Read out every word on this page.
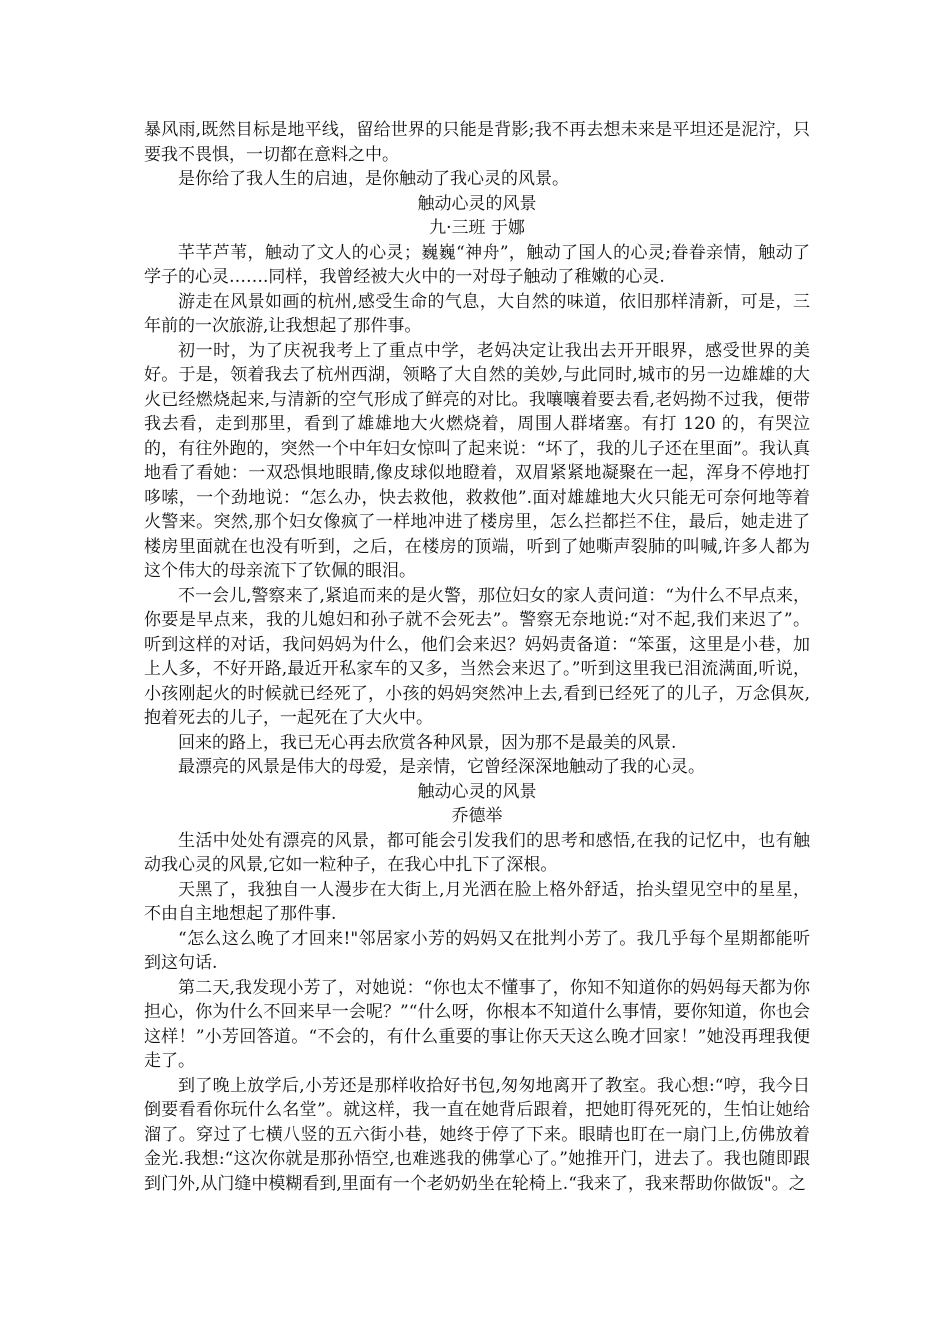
暴风雨,既然目标是地平线，留给世界的只能是背影;我不再去想未来是平坦还是泥泞，只要我不畏惧，一切都在意料之中。

是你给了我人生的启迪，是你触动了我心灵的风景。

触动心灵的风景

九·三班 于娜

芊芊芦苇，触动了文人的心灵；巍巍“神舟”，触动了国人的心灵;眷眷亲情，触动了学子的心灵…….同样，我曾经被大火中的一对母子触动了稚嫩的心灵.

游走在风景如画的杭州,感受生命的气息，大自然的味道，依旧那样清新，可是，三年前的一次旅游,让我想起了那件事。

初一时，为了庆祝我考上了重点中学，老妈决定让我出去开开眼界，感受世界的美好。于是，领着我去了杭州西湖，领略了大自然的美妙,与此同时,城市的另一边雄雄的大火已经燃烧起来,与清新的空气形成了鲜亮的对比。我嚷嚷着要去看,老妈拗不过我，便带我去看，走到那里，看到了雄雄地大火燃烧着，周围人群堵塞。有打 120 的，有哭泣的，有往外跑的，突然一个中年妇女惊叫了起来说：“坏了，我的儿子还在里面”。我认真地看了看她：一双恐惧地眼睛,像皮球似地瞪着，双眉紧紧地凝聚在一起，浑身不停地打哆嗦，一个劲地说：“怎么办，快去救他，救救他”.面对雄雄地大火只能无可奈何地等着火警来。突然,那个妇女像疯了一样地冲进了楼房里，怎么拦都拦不住，最后，她走进了楼房里面就在也没有听到，之后，在楼房的顶端，听到了她嘶声裂肺的叫喊,许多人都为这个伟大的母亲流下了钦佩的眼泪。

不一会儿,警察来了,紧追而来的是火警，那位妇女的家人责问道：“为什么不早点来，你要是早点来，我的儿媳妇和孙子就不会死去”。警察无奈地说:“对不起,我们来迟了”。听到这样的对话，我问妈妈为什么，他们会来迟？妈妈责备道：“笨蛋，这里是小巷，加上人多，不好开路,最近开私家车的又多，当然会来迟了。”听到这里我已泪流满面,听说，小孩刚起火的时候就已经死了，小孩的妈妈突然冲上去,看到已经死了的儿子，万念俱灰,抱着死去的儿子，一起死在了大火中。

回来的路上，我已无心再去欣赏各种风景，因为那不是最美的风景.

最漂亮的风景是伟大的母爱，是亲情，它曾经深深地触动了我的心灵。

触动心灵的风景

乔德举

生活中处处有漂亮的风景，都可能会引发我们的思考和感悟,在我的记忆中，也有触动我心灵的风景,它如一粒种子，在我心中扎下了深根。

天黑了，我独自一人漫步在大街上,月光洒在脸上格外舒适，抬头望见空中的星星，不由自主地想起了那件事.

“怎么这么晚了才回来!"邻居家小芳的妈妈又在批判小芳了。我几乎每个星期都能听到这句话.

第二天,我发现小芳了，对她说：“你也太不懂事了，你知不知道你的妈妈每天都为你担心，你为什么不回来早一会呢？”“什么呀，你根本不知道什么事情，要你知道，你也会这样！”小芳回答道。“不会的，有什么重要的事让你天天这么晚才回家！”她没再理我便走了。

到了晚上放学后,小芳还是那样收拾好书包,匆匆地离开了教室。我心想:“哼，我今日倒要看看你玩什么名堂”。就这样，我一直在她背后跟着，把她盯得死死的，生怕让她给溜了。穿过了七横八竖的五六街小巷，她终于停了下来。眼睛也盯在一扇门上,仿佛放着金光.我想:“这次你就是那孙悟空,也难逃我的佛掌心了。”她推开门，进去了。我也随即跟到门外,从门缝中模糊看到,里面有一个老奶奶坐在轮椅上.“我来了，我来帮助你做饭"。之
